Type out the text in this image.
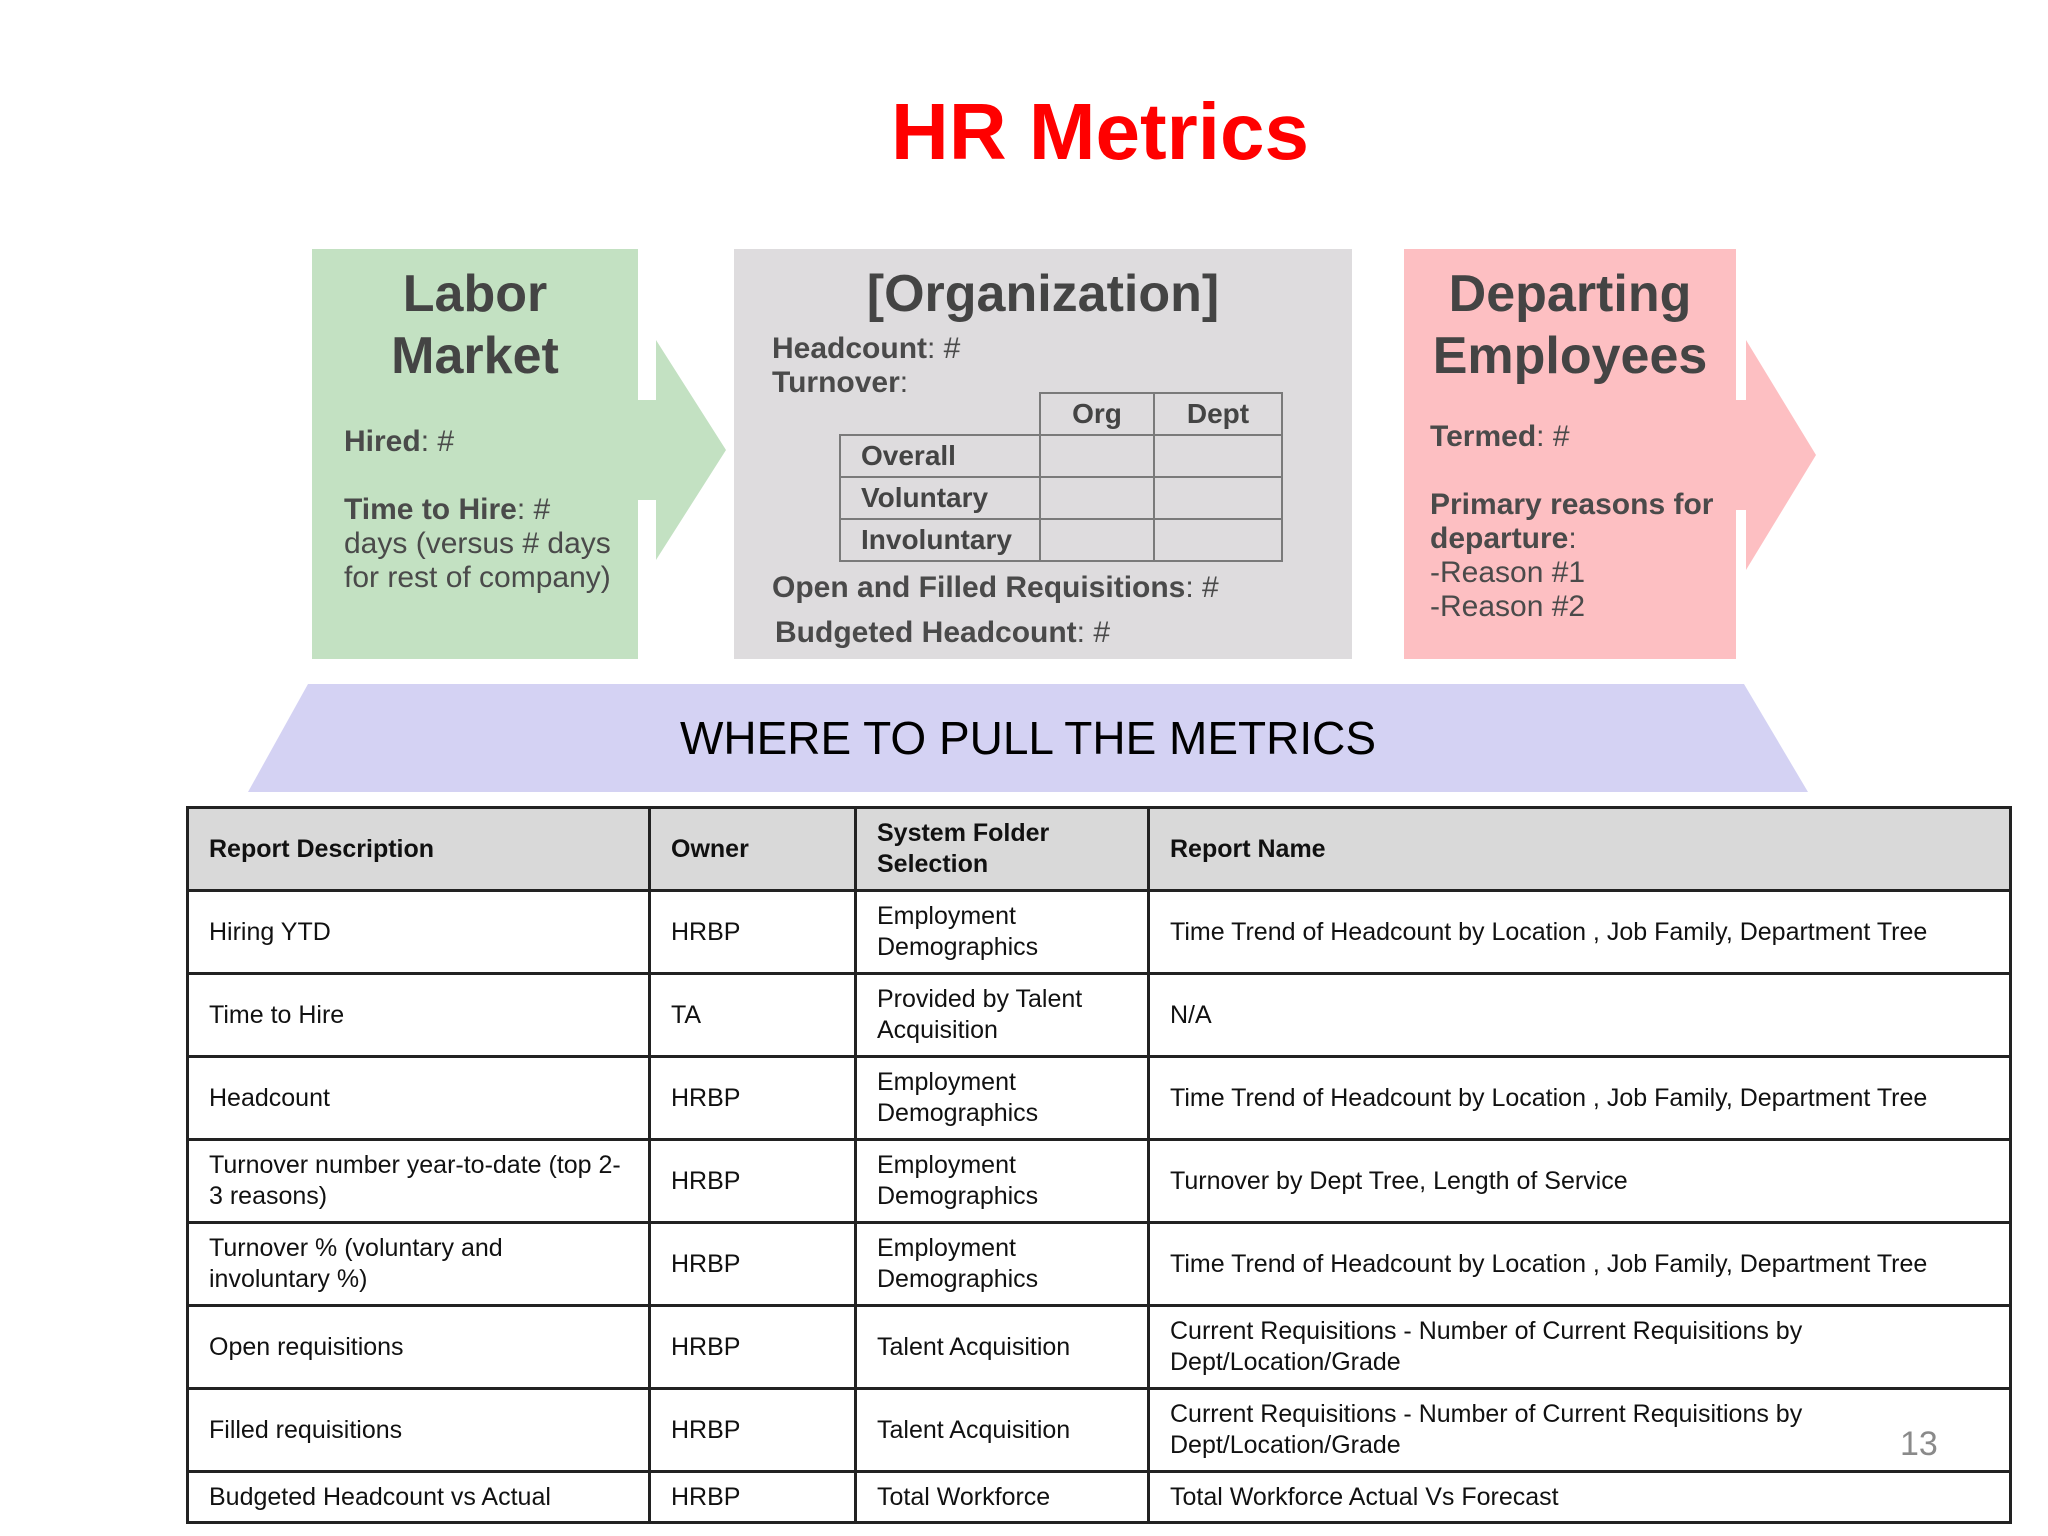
HR Metrics
Labor
Market
Hired: #
Time to Hire: #
days (versus # days
for rest of company)
[Organization]
Headcount: #
Turnover:
Org	Dept
Overall
Voluntary
Involuntary
Open and Filled Requisitions: #
Budgeted Headcount: #
Departing
Employees
Termed: #
Primary reasons for
departure:
-Reason #1
-Reason #2
WHERE TO PULL THE METRICS
Report Description	Owner	System Folder Selection	Report Name
Hiring YTD	HRBP	Employment Demographics	Time Trend of Headcount by Location , Job Family, Department Tree
Time to Hire	TA	Provided by Talent Acquisition	N/A
Headcount	HRBP	Employment Demographics	Time Trend of Headcount by Location , Job Family, Department Tree
Turnover number year-to-date (top 2-3 reasons)	HRBP	Employment Demographics	Turnover by Dept Tree, Length of Service
Turnover % (voluntary and involuntary %)	HRBP	Employment Demographics	Time Trend of Headcount by Location , Job Family, Department Tree
Open requisitions	HRBP	Talent Acquisition	Current Requisitions - Number of Current Requisitions by Dept/Location/Grade
Filled requisitions	HRBP	Talent Acquisition	Current Requisitions - Number of Current Requisitions by Dept/Location/Grade
Budgeted Headcount vs Actual	HRBP	Total Workforce	Total Workforce Actual Vs Forecast
13
